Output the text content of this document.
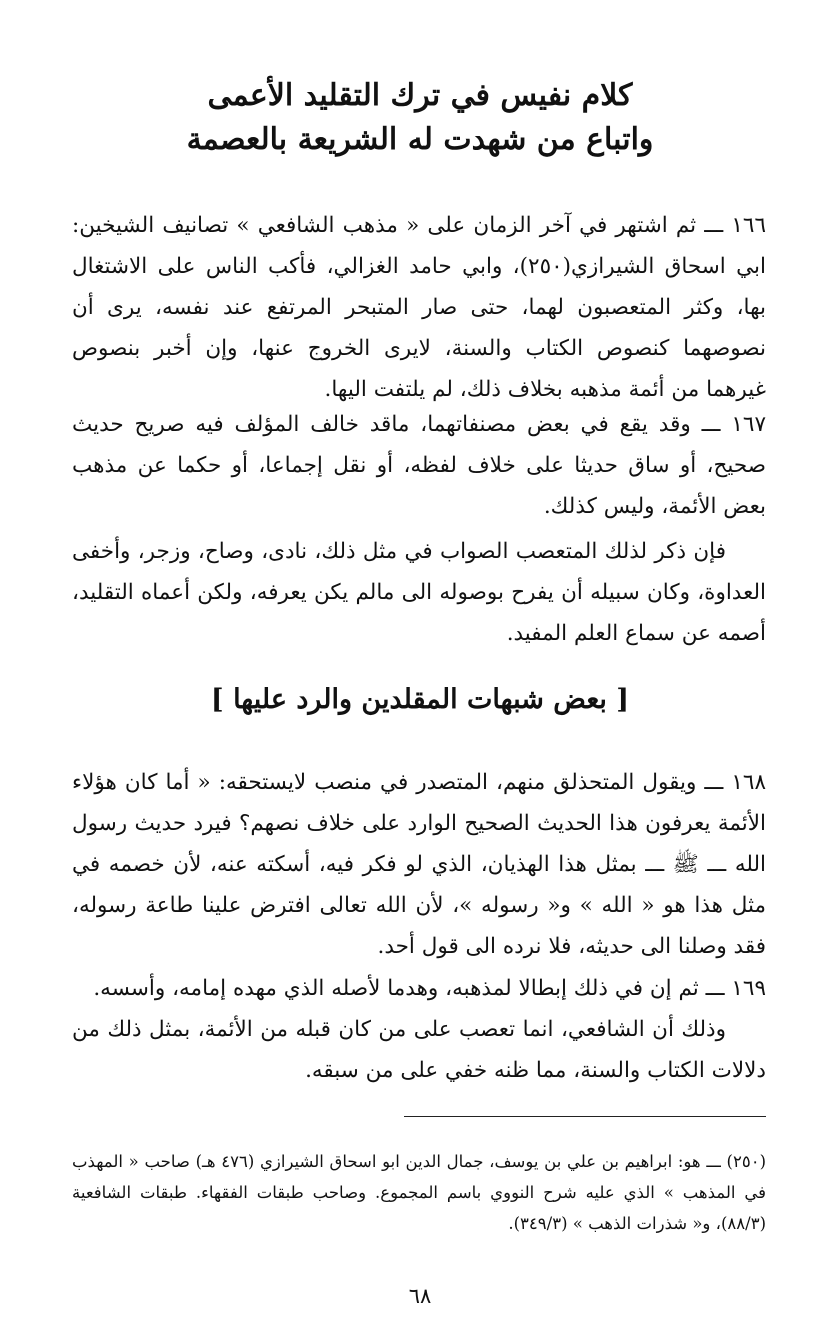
كلام نفيس في ترك التقليد الأعمى
واتباع من شهدت له الشريعة بالعصمة

١٦٦ ـــ ثم اشتهر في آخر الزمان على « مذهب الشافعي » تصانيف الشيخين: ابي اسحاق الشيرازي(٢٥٠)، وابي حامد الغزالي، فأكب الناس على الاشتغال بها، وكثر المتعصبون لهما، حتى صار المتبحر المرتفع عند نفسه، يرى أن نصوصهما كنصوص الكتاب والسنة، لايرى الخروج عنها، وإن أخبر بنصوص غيرهما من أئمة مذهبه بخلاف ذلك، لم يلتفت اليها.

١٦٧ ـــ وقد يقع في بعض مصنفاتهما، ماقد خالف المؤلف فيه صريح حديث صحيح، أو ساق حديثا على خلاف لفظه، أو نقل إجماعا، أو حكما عن مذهب بعض الأئمة، وليس كذلك.

فإن ذكر لذلك المتعصب الصواب في مثل ذلك، نادى، وصاح، وزجر، وأخفى العداوة، وكان سبيله أن يفرح بوصوله الى مالم يكن يعرفه، ولكن أعماه التقليد، أصمه عن سماع العلم المفيد.

[ بعض شبهات المقلدين والرد عليها ]

١٦٨ ـــ ويقول المتحذلق منهم، المتصدر في منصب لايستحقه: « أما كان هؤلاء الأئمة يعرفون هذا الحديث الصحيح الوارد على خلاف نصهم؟ فيرد حديث رسول الله ـــ ﷺ ـــ بمثل هذا الهذيان، الذي لو فكر فيه، أسكته عنه، لأن خصمه في مثل هذا هو « الله » و« رسوله »، لأن الله تعالى افترض علينا طاعة رسوله، فقد وصلنا الى حديثه، فلا نرده الى قول أحد.

١٦٩ ـــ ثم إن في ذلك إبطالا لمذهبه، وهدما لأصله الذي مهده إمامه، وأسسه.

وذلك أن الشافعي، انما تعصب على من كان قبله من الأئمة، بمثل ذلك من دلالات الكتاب والسنة، مما ظنه خفي على من سبقه.

(٢٥٠) ـــ هو: ابراهيم بن علي بن يوسف، جمال الدين ابو اسحاق الشيرازي (٤٧٦ هـ) صاحب « المهذب في المذهب » الذي عليه شرح النووي باسم المجموع. وصاحب طبقات الفقهاء. طبقات الشافعية (٨٨/٣)، و« شذرات الذهب » (٣٤٩/٣).

٦٨
